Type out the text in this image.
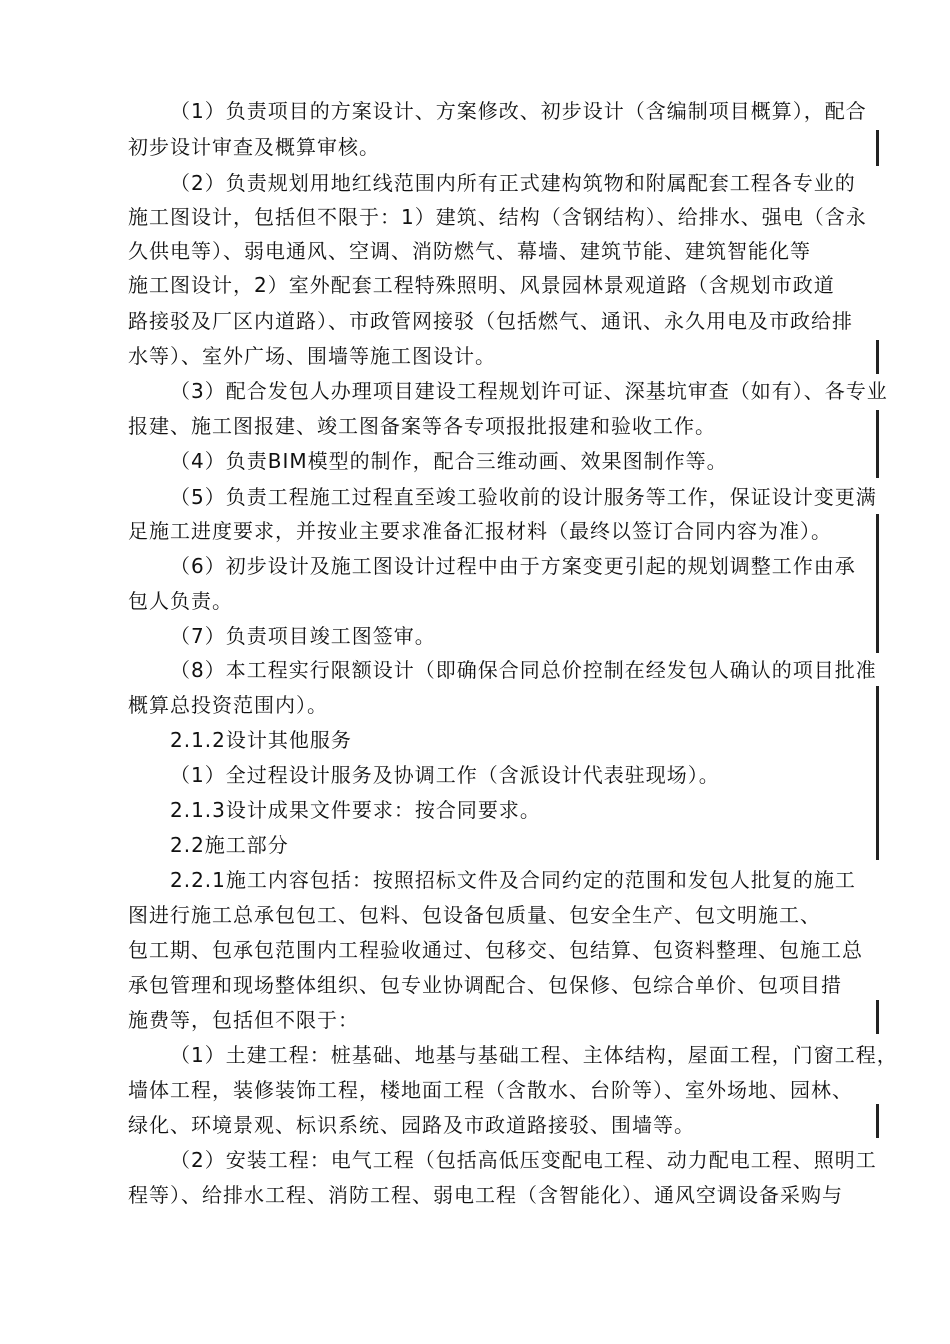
（1）负责项目的方案设计、方案修改、初步设计（含编制项目概算），配合
初步设计审查及概算审核。
（2）负责规划用地红线范围内所有正式建构筑物和附属配套工程各专业的
施工图设计，包括但不限于：1）建筑、结构（含钢结构）、给排水、强电（含永
久供电等）、弱电通风、空调、消防燃气、幕墙、建筑节能、建筑智能化等
施工图设计，2）室外配套工程特殊照明、风景园林景观道路（含规划市政道
路接驳及厂区内道路）、市政管网接驳（包括燃气、通讯、永久用电及市政给排
水等）、室外广场、围墙等施工图设计。
（3）配合发包人办理项目建设工程规划许可证、深基坑审查（如有）、各专业
报建、施工图报建、竣工图备案等各专项报批报建和验收工作。
（4）负责BIM模型的制作，配合三维动画、效果图制作等。
（5）负责工程施工过程直至竣工验收前的设计服务等工作，保证设计变更满
足施工进度要求，并按业主要求准备汇报材料（最终以签订合同内容为准）。
（6）初步设计及施工图设计过程中由于方案变更引起的规划调整工作由承
包人负责。
（7）负责项目竣工图签审。
（8）本工程实行限额设计（即确保合同总价控制在经发包人确认的项目批准
概算总投资范围内）。
2.1.2设计其他服务
（1）全过程设计服务及协调工作（含派设计代表驻现场）。
2.1.3设计成果文件要求：按合同要求。
2.2施工部分
2.2.1施工内容包括：按照招标文件及合同约定的范围和发包人批复的施工
图进行施工总承包包工、包料、包设备包质量、包安全生产、包文明施工、
包工期、包承包范围内工程验收通过、包移交、包结算、包资料整理、包施工总
承包管理和现场整体组织、包专业协调配合、包保修、包综合单价、包项目措
施费等，包括但不限于：
（1）土建工程：桩基础、地基与基础工程、主体结构，屋面工程，门窗工程，
墙体工程，装修装饰工程，楼地面工程（含散水、台阶等）、室外场地、园林、
绿化、环境景观、标识系统、园路及市政道路接驳、围墙等。
（2）安装工程：电气工程（包括高低压变配电工程、动力配电工程、照明工
程等）、给排水工程、消防工程、弱电工程（含智能化）、通风空调设备采购与
